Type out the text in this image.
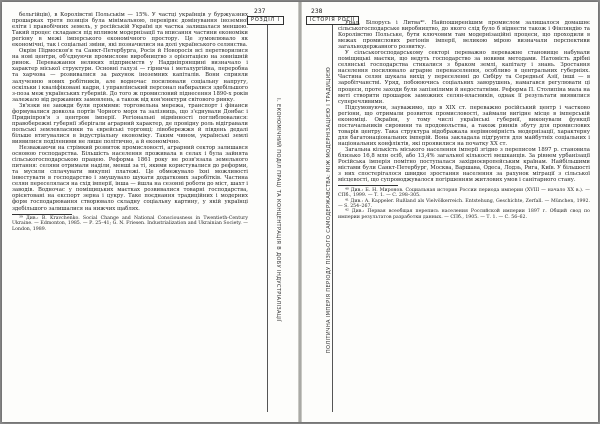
237
РОЗДІЛ І
І. ЕКОНОМІЧНИЙ ПОДІЛ ПРАЦІ ТА КОНЦЕНТРАЦІЯ В ДОБУ ІНДУСТРІАЛІЗАЦІЇ

бельгійців), в Королівстві Польськім — 15%. У частці українців у буржуазних прошарках третя позиція була мінімальною, перевіряє домінування іноземної еліти і правобічних земель, у російській Україні ця частка залишалася меншою. Такий процес складався під впливом модернізації та вписання частини економіки регіону в межі імперського економічного простору. Це зумовлювало як економічні, так і соціальні зміни, які позначилися на долі українського селянства.

Окрім Підмосков'я та Санкт-Петербурга, Росія й Новоросія всі перетворилися на нові центри, об'єднуючи промислове виробництво з орієнтацією на зовнішній ринок. Переважання великих підприємств у Наддніпрянщині визначало і характер міської структури. Основні галузі — гірнича і металургійна, переробна та харчова — розвивалися за рахунок іноземних капіталів. Вони сприяли залученню нових робітників, але водночас посилювали соціальну напругу, оскільки і кваліфіковані кадри, і управлінський персонал набиралися здебільшого з-поза меж українських губерній. До того ж промисловий піднесення 1890-х років залежало від державних замовлень, а також від кон'юнктури світового ринку.

Зв'язки не завжди були прямими: торговельна мережа, транспорт і фінанси формувалися довкола портів Чорного моря та залізниць, що з'єднували Донбас і Придніпров'я з центром імперії. Регіональні відмінності поглиблювалися: правобережні губернії зберігали аграрний характер, де провідну роль відігравали польські землевласники та єврейські торговці; лівобережжя й південь дедалі більше втягувалися в індустріальну економіку. Таким чином, українські землі виявилися поділеними не лише політично, а й економічно.

Незважаючи на стрімкий розвиток промисловості, аграрний сектор залишався основою господарства. Більшість населення проживала в селах і була зайнята сільськогосподарською працею. Реформа 1861 року не розв'язала земельного питання: селяни отримали наділи, менші за ті, якими користувалися до реформи, та мусили сплачувати викупні платежі. Це обмежувало їхні можливості інвестувати в господарство і змушувало шукати додаткових заробітків. Частина селян переселялася на схід імперії, інша — йшла на сезонні роботи до міст, шахт і заводів. Водночас у поміщицьких маєтках розвивалися товарні господарства, орієнтовані на експорт зерна і цукру. Таке поєднання традиційних і модерних форм господарювання створювало складну соціальну картину, у якій українці здебільшого залишалися на нижчих щаблях.

³⁹ Див.: В. Kravchenko. Social Change and National Consciousness in Twentieth-Century Ukraine. — Edmonton, 1985. — Р. 25–41; G. N. Friesen. Industrialization and Ukrainian Society. — London, 1989.

238
ІСТОРІЯ РОСІЇ
ПОЛІТИЧНА ІМПЕРІЯ ПЕРІОДУ ПІЗНЬОГО САМОДЕРЖАВСТВА: МІЖ МОДЕРНІЗАЦІЄЮ І ТРАДИЦІЄЮ

Урал, Білорусь і Литва⁴⁰. Найпоширенішим промислом залишалося домашнє сільськогосподарське виробництво, до якого слід було б віднести також і Фінляндію та Королівство Польське, бути ключовим там модернізаційні процеси, що проходили в межах промислових регіонів імперії, великою мірою визначали перспективи загальнодержавного розвитку.

У сільськогосподарському секторі переважно переважне становище набували поміщицькі маєтки, що ведуть господарство за новими методами. Натомість дрібні селянські господарства стикалися з браком землі, капіталу і знань. Зростання населення посилювало аграрне перенаселення, особливо в центральних губерніях. Частина селян шукала вихід у переселенні до Сибіру та Середньої Азії, інші — в заробітчанстві. Уряд, побоюючись соціальних заворушень, намагався регулювати ці процеси, проте заходи були запізнілими й недостатніми. Реформа П. Столипіна мала на меті створити прошарок заможних селян-власників, однак її результати виявилися суперечливими.

Підсумовуючи, зауважимо, що в XIX ст. переважно російський центр і частково регіони, що отримали розвиток промисловості, займали вигідне місце в імперській економіці. Окраїни, у тому числі українські губернії, виконували функції постачальників сировини та продовольства, а також ринків збуту для промислових товарів центру. Така структура відображала нерівномірність модернізації, характерну для багатонаціональних імперій. Вона закладала підґрунтя для майбутніх соціальних і національних конфліктів, які проявилися на початку XX ст.

Загальна кількість міського населення імперії згідно з переписом 1897 р. становила близько 16,8 млн осіб, або 13,4% загальної кількості мешканців. За рівнем урбанізації Російська імперія помітно поступалася західноєвропейським країнам. Найбільшими містами були Санкт-Петербург, Москва, Варшава, Одеса, Лодзь, Рига, Київ. У більшості з них спостерігалося швидке зростання населення за рахунок міграції з сільської місцевості, що супроводжувалося погіршенням житлових умов і санітарного стану.

⁴⁰ Див.: Б. Н. Миронов. Социальная история России периода империи (XVIII — начало XX в.). — СПб., 1999. — Т. 1. — С. 298–305.

⁴¹ Див.: A. Kappeler. Rußland als Vielvölkerreich. Entstehung, Geschichte, Zerfall. — München, 1992. — S. 254–267.

⁴² Див.: Первая всеобщая перепись населения Российской империи 1897 г. Общий свод по империи результатов разработки данных. — СПб., 1905. — Т. 1. — С. 56–62.
